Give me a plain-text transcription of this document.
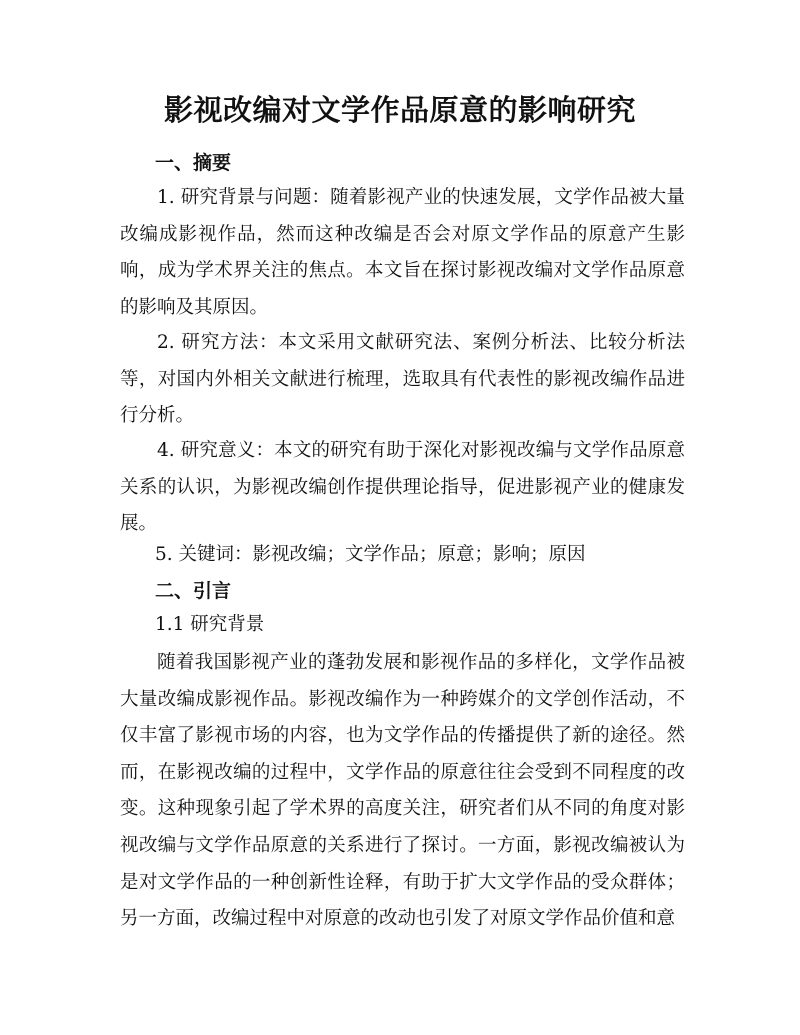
影视改编对文学作品原意的影响研究
一、摘要

1. 研究背景与问题：随着影视产业的快速发展，文学作品被大量改编成影视作品，然而这种改编是否会对原文学作品的原意产生影响，成为学术界关注的焦点。本文旨在探讨影视改编对文学作品原意的影响及其原因。

2. 研究方法：本文采用文献研究法、案例分析法、比较分析法等，对国内外相关文献进行梳理，选取具有代表性的影视改编作品进行分析。

4. 研究意义：本文的研究有助于深化对影视改编与文学作品原意关系的认识，为影视改编创作提供理论指导，促进影视产业的健康发展。

5. 关键词：影视改编；文学作品；原意；影响；原因
二、引言
1.1 研究背景

随着我国影视产业的蓬勃发展和影视作品的多样化，文学作品被大量改编成影视作品。影视改编作为一种跨媒介的文学创作活动，不仅丰富了影视市场的内容，也为文学作品的传播提供了新的途径。然而，在影视改编的过程中，文学作品的原意往往会受到不同程度的改变。这种现象引起了学术界的高度关注，研究者们从不同的角度对影视改编与文学作品原意的关系进行了探讨。一方面，影视改编被认为是对文学作品的一种创新性诠释，有助于扩大文学作品的受众群体；另一方面，改编过程中对原意的改动也引发了对原文学作品价值和意
